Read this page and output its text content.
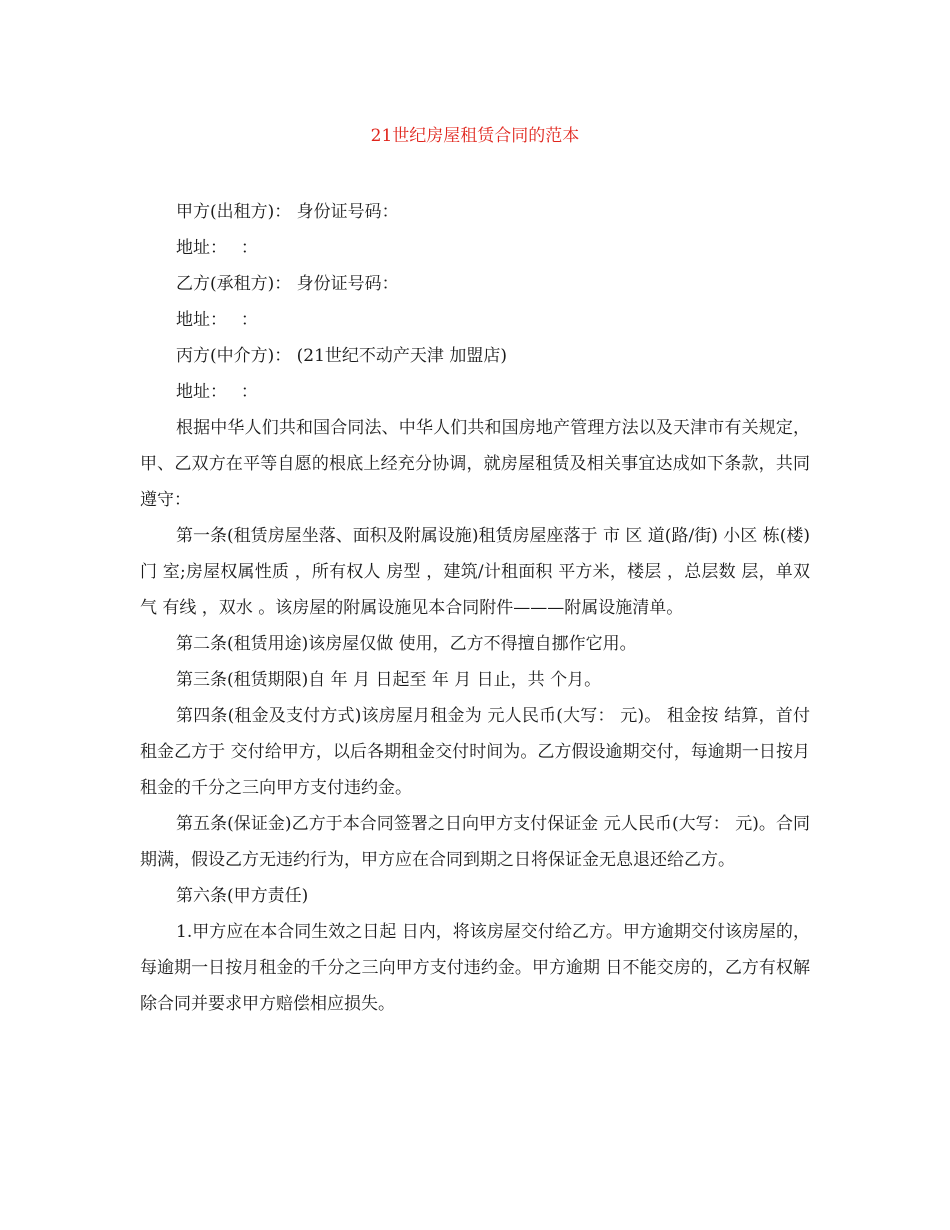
21世纪房屋租赁合同的范本

甲方(出租方)： 身份证号码：

地址：　 ：

乙方(承租方)： 身份证号码：

地址：　 ：

丙方(中介方)： (21世纪不动产天津 加盟店)

地址：　 ：

根据中华人们共和国合同法、中华人们共和国房地产管理方法以及天津市有关规定，甲、乙双方在平等自愿的根底上经充分协调，就房屋租赁及相关事宜达成如下条款，共同遵守：

第一条(租赁房屋坐落、面积及附属设施)租赁房屋座落于 市 区 道(路/街) 小区 栋(楼) 门 室;房屋权属性质 ，所有权人 房型 ，建筑/计租面积 平方米，楼层 ，总层数 层，单双气 有线 ，双水 。该房屋的附属设施见本合同附件———附属设施清单。

第二条(租赁用途)该房屋仅做 使用，乙方不得擅自挪作它用。

第三条(租赁期限)自 年 月 日起至 年 月 日止，共 个月。

第四条(租金及支付方式)该房屋月租金为 元人民币(大写： 元)。 租金按 结算，首付租金乙方于 交付给甲方，以后各期租金交付时间为。乙方假设逾期交付，每逾期一日按月租金的千分之三向甲方支付违约金。

第五条(保证金)乙方于本合同签署之日向甲方支付保证金 元人民币(大写： 元)。合同期满，假设乙方无违约行为，甲方应在合同到期之日将保证金无息退还给乙方。

第六条(甲方责任)

1.甲方应在本合同生效之日起 日内，将该房屋交付给乙方。甲方逾期交付该房屋的，每逾期一日按月租金的千分之三向甲方支付违约金。甲方逾期 日不能交房的，乙方有权解除合同并要求甲方赔偿相应损失。
